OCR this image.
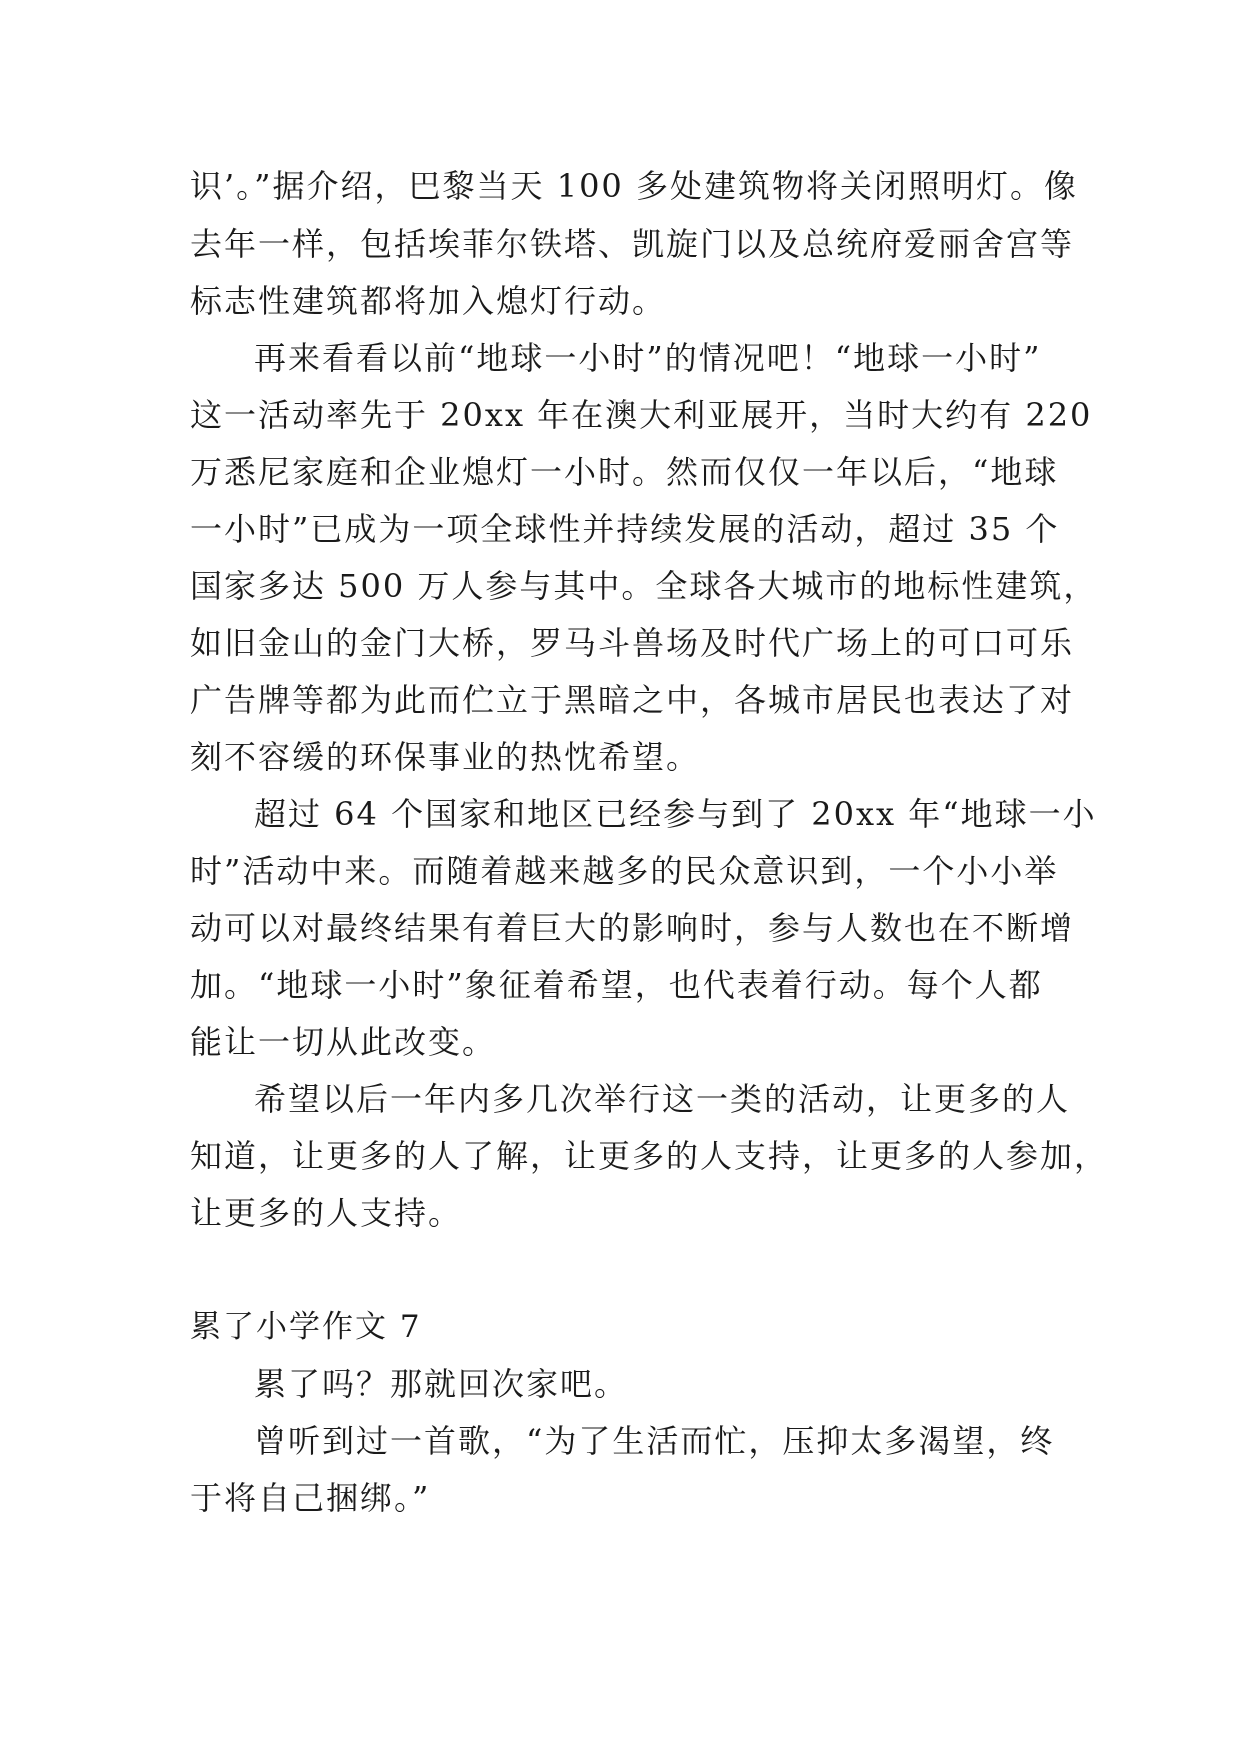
识’。”据介绍，巴黎当天 100 多处建筑物将关闭照明灯。像
去年一样，包括埃菲尔铁塔、凯旋门以及总统府爱丽舍宫等
标志性建筑都将加入熄灯行动。
再来看看以前“地球一小时”的情况吧！“地球一小时”
这一活动率先于 20xx 年在澳大利亚展开，当时大约有 220
万悉尼家庭和企业熄灯一小时。然而仅仅一年以后，“地球
一小时”已成为一项全球性并持续发展的活动，超过 35 个
国家多达 500 万人参与其中。全球各大城市的地标性建筑，
如旧金山的金门大桥，罗马斗兽场及时代广场上的可口可乐
广告牌等都为此而伫立于黑暗之中，各城市居民也表达了对
刻不容缓的环保事业的热忱希望。
超过 64 个国家和地区已经参与到了 20xx 年“地球一小
时”活动中来。而随着越来越多的民众意识到，一个小小举
动可以对最终结果有着巨大的影响时，参与人数也在不断增
加。“地球一小时”象征着希望，也代表着行动。每个人都
能让一切从此改变。
希望以后一年内多几次举行这一类的活动，让更多的人
知道，让更多的人了解，让更多的人支持，让更多的人参加，
让更多的人支持。
累了小学作文 7
累了吗？那就回次家吧。
曾听到过一首歌，“为了生活而忙，压抑太多渴望，终
于将自己捆绑。”
